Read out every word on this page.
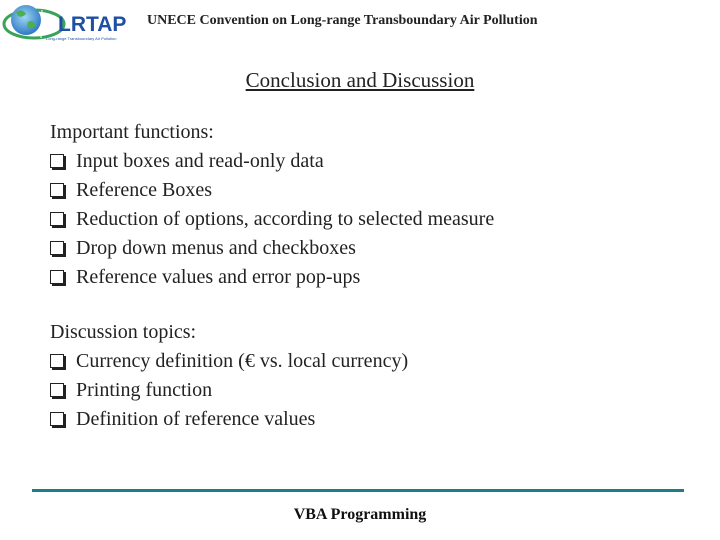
LRTAP
Long-range Transboundary Air Pollution
UNECE Convention on Long-range Transboundary Air Pollution
Conclusion and Discussion
Important functions:
Input boxes and read-only data
Reference Boxes
Reduction of options, according to selected measure
Drop down menus and checkboxes
Reference values and error pop-ups
Discussion topics:
Currency definition (€ vs. local currency)
Printing function
Definition of reference values
VBA Programming
